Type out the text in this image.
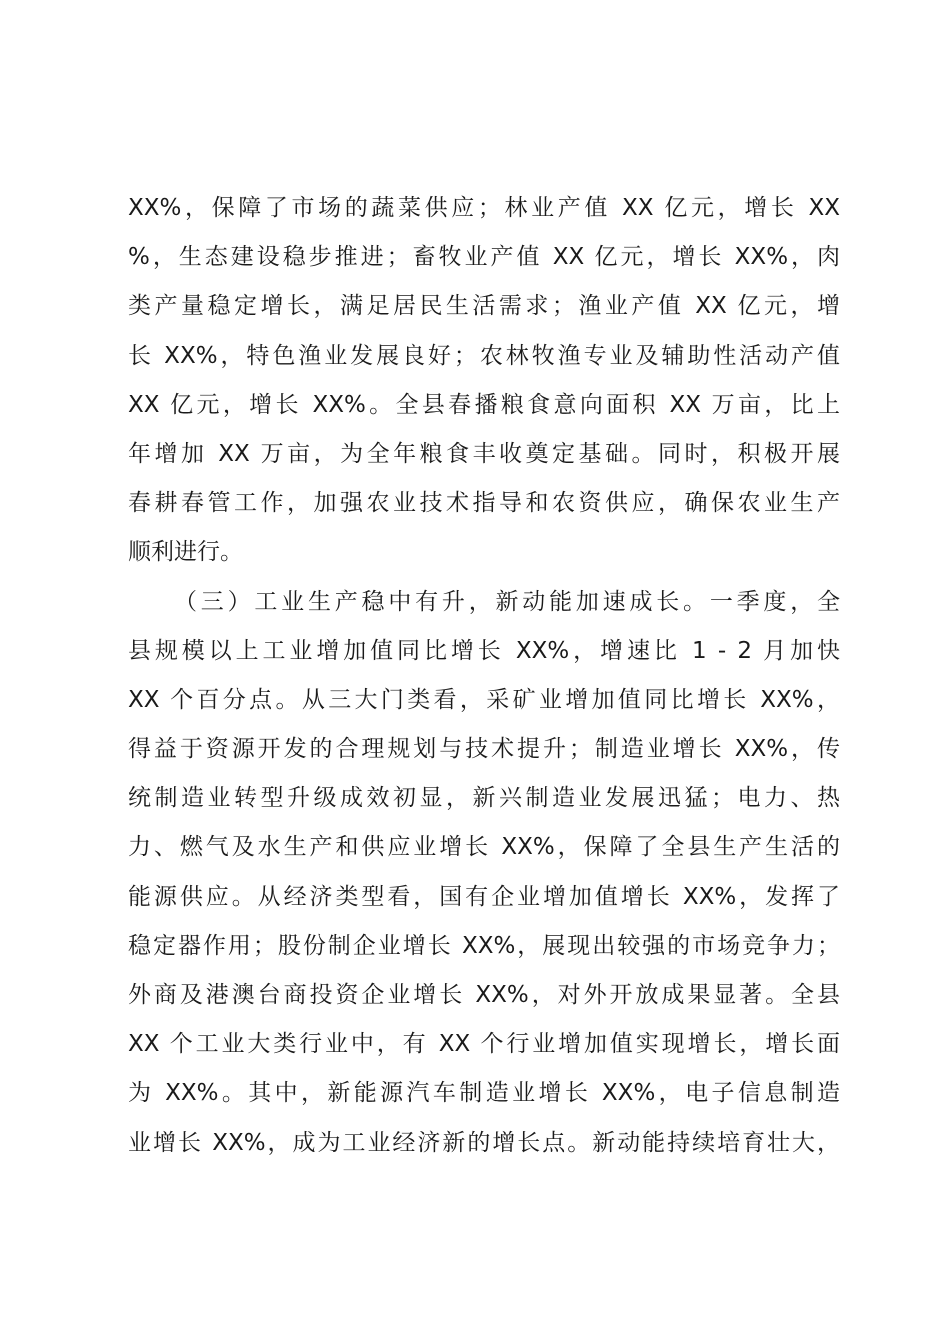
XX%，保障了市场的蔬菜供应；林业产值 XX 亿元，增长 XX
%，生态建设稳步推进；畜牧业产值 XX 亿元，增长 XX%，肉
类产量稳定增长，满足居民生活需求；渔业产值 XX 亿元，增
长 XX%，特色渔业发展良好；农林牧渔专业及辅助性活动产值
XX 亿元，增长 XX%。全县春播粮食意向面积 XX 万亩，比上
年增加 XX 万亩，为全年粮食丰收奠定基础。同时，积极开展
春耕春管工作，加强农业技术指导和农资供应，确保农业生产
顺利进行。
（三）工业生产稳中有升，新动能加速成长。一季度，全
县规模以上工业增加值同比增长 XX%，增速比 1 - 2 月加快
XX 个百分点。从三大门类看，采矿业增加值同比增长 XX%，
得益于资源开发的合理规划与技术提升；制造业增长 XX%，传
统制造业转型升级成效初显，新兴制造业发展迅猛；电力、热
力、燃气及水生产和供应业增长 XX%，保障了全县生产生活的
能源供应。从经济类型看，国有企业增加值增长 XX%，发挥了
稳定器作用；股份制企业增长 XX%，展现出较强的市场竞争力；
外商及港澳台商投资企业增长 XX%，对外开放成果显著。全县
XX 个工业大类行业中，有 XX 个行业增加值实现增长，增长面
为 XX%。其中，新能源汽车制造业增长 XX%，电子信息制造
业增长 XX%，成为工业经济新的增长点。新动能持续培育壮大，
